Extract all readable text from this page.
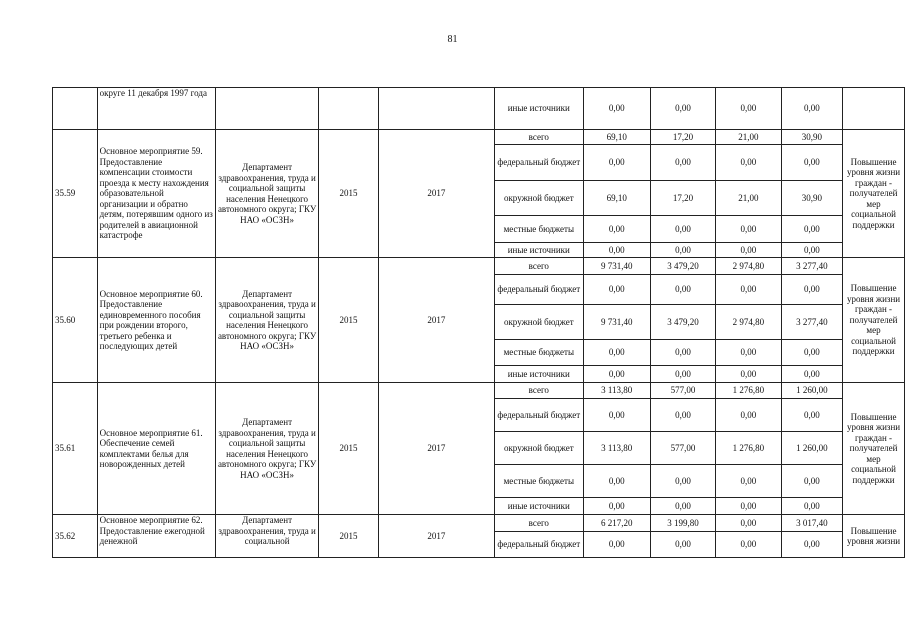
81
	округе 11 декабря 1997 года				иные источники	0,00	0,00	0,00	0,00	
35.59	Основное мероприятие 59. Предоставление компенсации стоимости проезда к месту нахождения образовательной организации и обратно детям, потерявшим одного из родителей в авиационной катастрофе	Департамент здравоохранения, труда и социальной защиты населения Ненецкого автономного округа; ГКУ НАО «ОСЗН»	2015	2017	всего	69,10	17,20	21,00	30,90	Повышение уровня жизни граждан - получателей мер социальной поддержки
					федеральный бюджет	0,00	0,00	0,00	0,00	
					окружной бюджет	69,10	17,20	21,00	30,90	
					местные бюджеты	0,00	0,00	0,00	0,00	
					иные источники	0,00	0,00	0,00	0,00	
35.60	Основное мероприятие 60. Предоставление единовременного пособия при рождении второго, третьего ребенка и последующих детей	Департамент здравоохранения, труда и социальной защиты населения Ненецкого автономного округа; ГКУ НАО «ОСЗН»	2015	2017	всего	9 731,40	3 479,20	2 974,80	3 277,40	Повышение уровня жизни граждан - получателей мер социальной поддержки
					федеральный бюджет	0,00	0,00	0,00	0,00	
					окружной бюджет	9 731,40	3 479,20	2 974,80	3 277,40	
					местные бюджеты	0,00	0,00	0,00	0,00	
					иные источники	0,00	0,00	0,00	0,00	
35.61	Основное мероприятие 61. Обеспечение семей комплектами белья для новорожденных детей	Департамент здравоохранения, труда и социальной защиты населения Ненецкого автономного округа; ГКУ НАО «ОСЗН»	2015	2017	всего	3 113,80	577,00	1 276,80	1 260,00	Повышение уровня жизни граждан - получателей мер социальной поддержки
					федеральный бюджет	0,00	0,00	0,00	0,00	
					окружной бюджет	3 113,80	577,00	1 276,80	1 260,00	
					местные бюджеты	0,00	0,00	0,00	0,00	
					иные источники	0,00	0,00	0,00	0,00	
35.62	Основное мероприятие 62. Предоставление ежегодной денежной	Департамент здравоохранения, труда и социальной	2015	2017	всего	6 217,20	3 199,80	0,00	3 017,40	Повышение уровня жизни
					федеральный бюджет	0,00	0,00	0,00	0,00	
